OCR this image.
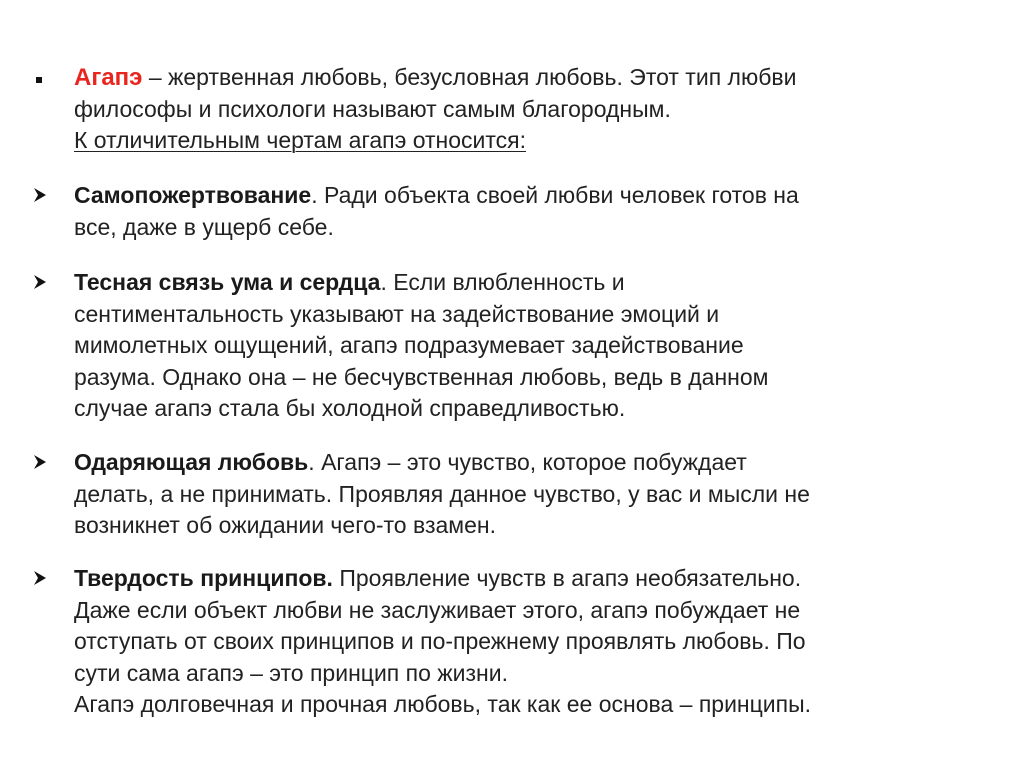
Агапэ – жертвенная любовь, безусловная любовь. Этот тип любви
философы и психологи называют самым благородным.
К отличительным чертам агапэ относится:
Самопожертвование. Ради объекта своей любви человек готов на
все, даже в ущерб себе.
Тесная связь ума и сердца. Если влюбленность и
сентиментальность указывают на задействование эмоций и
мимолетных ощущений, агапэ подразумевает задействование
разума. Однако она – не бесчувственная любовь, ведь в данном
случае агапэ стала бы холодной справедливостью.
Одаряющая любовь. Агапэ – это чувство, которое побуждает
делать, а не принимать. Проявляя данное чувство, у вас и мысли не
возникнет об ожидании чего-то взамен.
Твердость принципов. Проявление чувств в агапэ необязательно.
Даже если объект любви не заслуживает этого, агапэ побуждает не
отступать от своих принципов и по-прежнему проявлять любовь. По
сути сама агапэ – это принцип по жизни.
Агапэ долговечная и прочная любовь, так как ее основа – принципы.
